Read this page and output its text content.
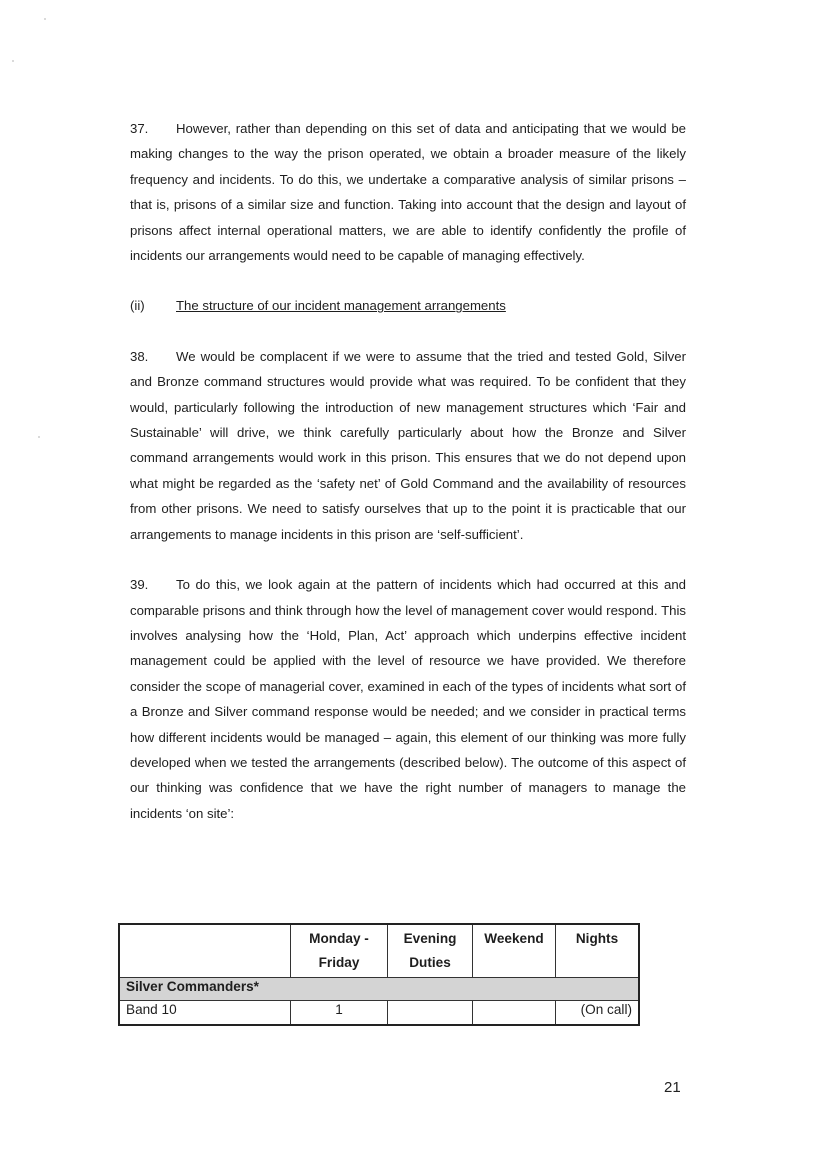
37. However, rather than depending on this set of data and anticipating that we would be making changes to the way the prison operated, we obtain a broader measure of the likely frequency and incidents. To do this, we undertake a comparative analysis of similar prisons – that is, prisons of a similar size and function. Taking into account that the design and layout of prisons affect internal operational matters, we are able to identify confidently the profile of incidents our arrangements would need to be capable of managing effectively.

(ii) The structure of our incident management arrangements

38. We would be complacent if we were to assume that the tried and tested Gold, Silver and Bronze command structures would provide what was required. To be confident that they would, particularly following the introduction of new management structures which ‘Fair and Sustainable’ will drive, we think carefully particularly about how the Bronze and Silver command arrangements would work in this prison. This ensures that we do not depend upon what might be regarded as the ‘safety net’ of Gold Command and the availability of resources from other prisons. We need to satisfy ourselves that up to the point it is practicable that our arrangements to manage incidents in this prison are ‘self-sufficient’.

39. To do this, we look again at the pattern of incidents which had occurred at this and comparable prisons and think through how the level of management cover would respond. This involves analysing how the ‘Hold, Plan, Act’ approach which underpins effective incident management could be applied with the level of resource we have provided. We therefore consider the scope of managerial cover, examined in each of the types of incidents what sort of a Bronze and Silver command response would be needed; and we consider in practical terms how different incidents would be managed – again, this element of our thinking was more fully developed when we tested the arrangements (described below). The outcome of this aspect of our thinking was confidence that we have the right number of managers to manage the incidents ‘on site’:

	Monday - Friday	Evening Duties	Weekend	Nights
Silver Commanders*				
Band 10	1			(On call)
21
